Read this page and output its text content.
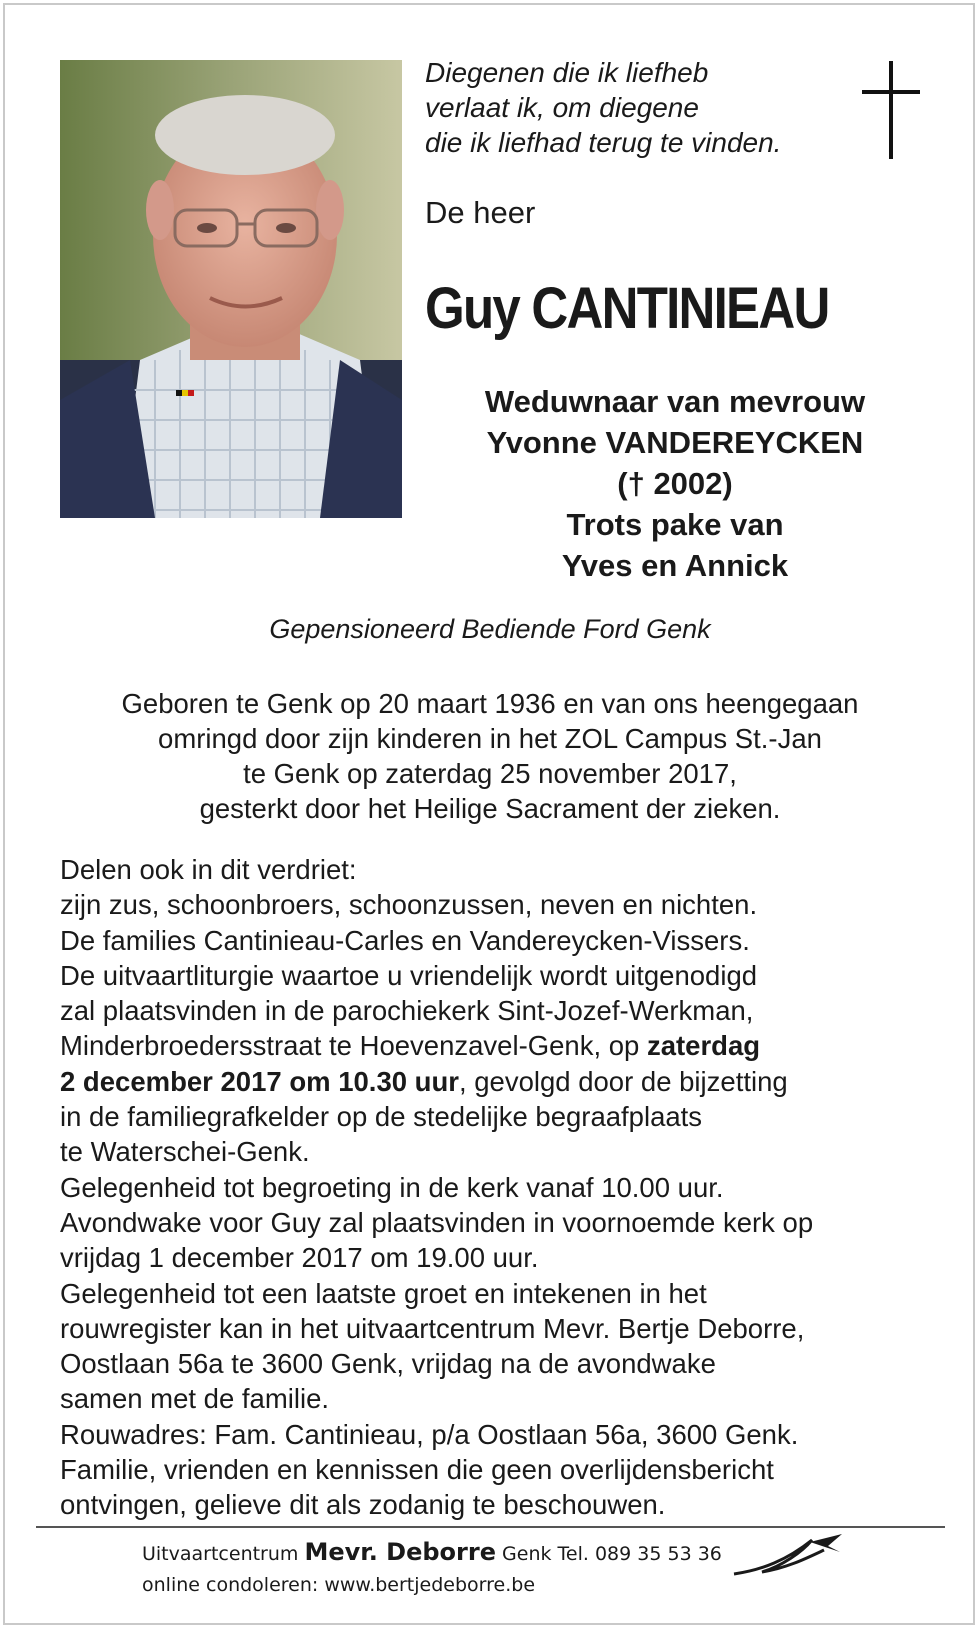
Diegenen die ik liefheb
verlaat ik, om diegene
die ik liefhad terug te vinden.
De heer
Guy CANTINIEAU
Weduwnaar van mevrouw
Yvonne VANDEREYCKEN
(† 2002)
Trots pake van
Yves en Annick
Gepensioneerd Bediende Ford Genk
Geboren te Genk op 20 maart 1936 en van ons heengegaan
omringd door zijn kinderen in het ZOL Campus St.-Jan
te Genk op zaterdag 25 november 2017,
gesterkt door het Heilige Sacrament der zieken.
Delen ook in dit verdriet:
zijn zus, schoonbroers, schoonzussen, neven en nichten.
De families Cantinieau-Carles en Vandereycken-Vissers.
De uitvaartliturgie waartoe u vriendelijk wordt uitgenodigd
zal plaatsvinden in de parochiekerk Sint-Jozef-Werkman,
Minderbroedersstraat te Hoevenzavel-Genk, op zaterdag
2 december 2017 om 10.30 uur, gevolgd door de bijzetting
in de familiegrafkelder op de stedelijke begraafplaats
te Waterschei-Genk.
Gelegenheid tot begroeting in de kerk vanaf 10.00 uur.
Avondwake voor Guy zal plaatsvinden in voornoemde kerk op
vrijdag 1 december 2017 om 19.00 uur.
Gelegenheid tot een laatste groet en intekenen in het
rouwregister kan in het uitvaartcentrum Mevr. Bertje Deborre,
Oostlaan 56a te 3600 Genk, vrijdag na de avondwake
samen met de familie.
Rouwadres: Fam. Cantinieau, p/a Oostlaan 56a, 3600 Genk.
Familie, vrienden en kennissen die geen overlijdensbericht
ontvingen, gelieve dit als zodanig te beschouwen.
Uitvaartcentrum Mevr. Deborre Genk Tel. 089 35 53 36
online condoleren: www.bertjedeborre.be
